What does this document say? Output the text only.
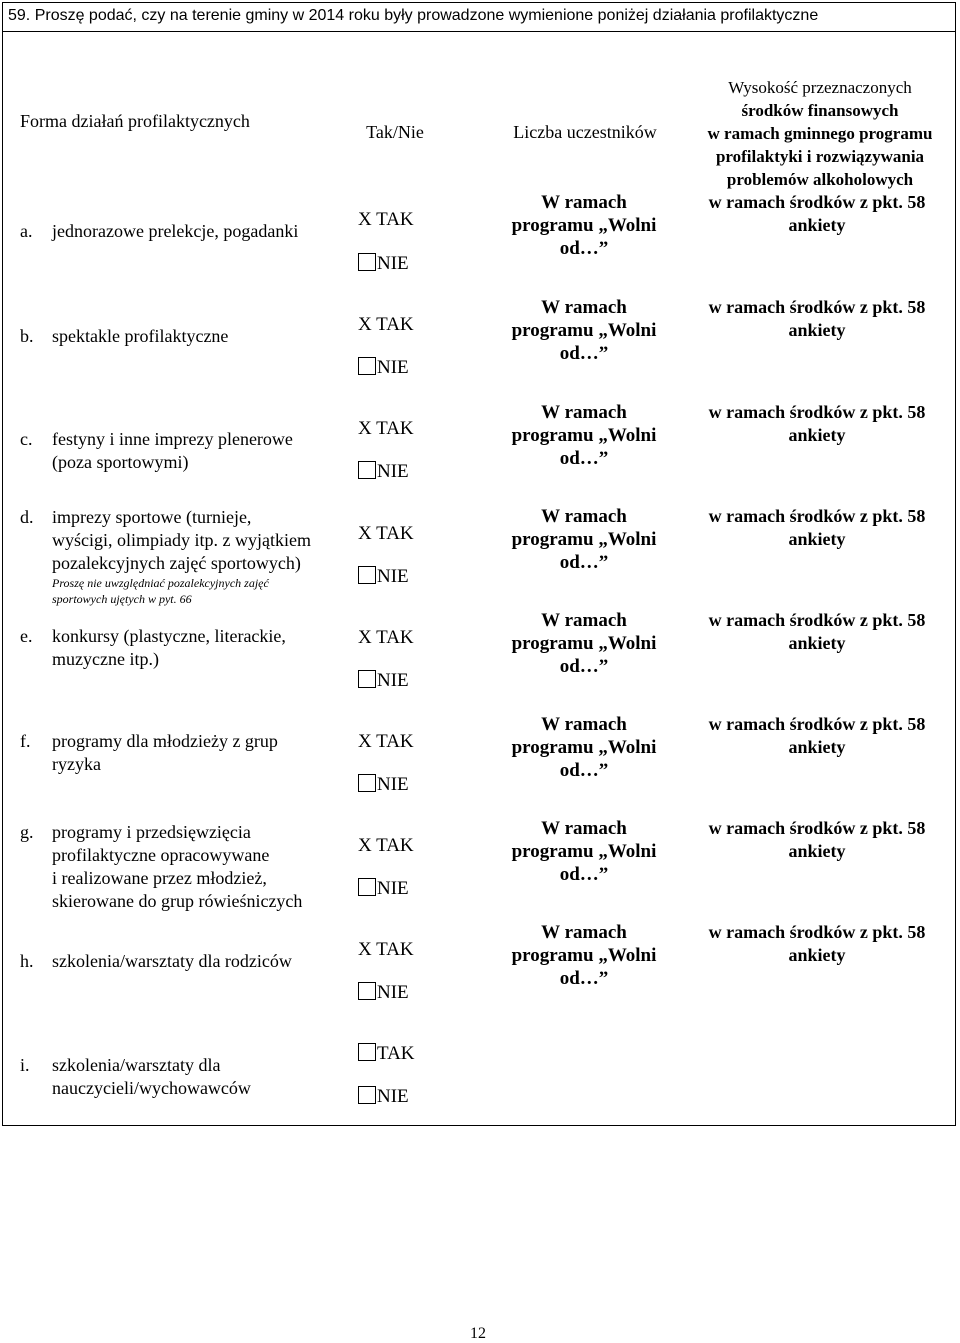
59. Proszę podać, czy na terenie gminy w 2014 roku były prowadzone wymienione poniżej działania profilaktyczne
Forma działań profilaktycznych
Tak/Nie	Liczba uczestników
Wysokość przeznaczonych
środków finansowych
w ramach gminnego programu
profilaktyki i rozwiązywania
problemów alkoholowych
a. jednorazowe prelekcje, pogadanki
X TAK
NIE
W ramach
programu „Wolni
od…”
w ramach środków z pkt. 58
ankiety
b. spektakle profilaktyczne
X TAK
NIE
W ramach
programu „Wolni
od…”
w ramach środków z pkt. 58
ankiety
c. festyny i inne imprezy plenerowe
(poza sportowymi)
X TAK
NIE
W ramach
programu „Wolni
od…”
w ramach środków z pkt. 58
ankiety
d. imprezy sportowe (turnieje,
wyścigi, olimpiady itp. z wyjątkiem
pozalekcyjnych zajęć sportowych)
Proszę nie uwzględniać pozalekcyjnych zajęć
sportowych ujętych w pyt. 66
X TAK
NIE
W ramach
programu „Wolni
od…”
w ramach środków z pkt. 58
ankiety
e. konkursy (plastyczne, literackie,
muzyczne itp.)
X TAK
NIE
W ramach
programu „Wolni
od…”
w ramach środków z pkt. 58
ankiety
f. programy dla młodzieży z grup
ryzyka
X TAK
NIE
W ramach
programu „Wolni
od…”
w ramach środków z pkt. 58
ankiety
g. programy i przedsięwzięcia
profilaktyczne opracowywane
i realizowane przez młodzież,
skierowane do grup rówieśniczych
X TAK
NIE
W ramach
programu „Wolni
od…”
w ramach środków z pkt. 58
ankiety
h. szkolenia/warsztaty dla rodziców
X TAK
NIE
W ramach
programu „Wolni
od…”
w ramach środków z pkt. 58
ankiety
i. szkolenia/warsztaty dla
nauczycieli/wychowawców
TAK
NIE
12
